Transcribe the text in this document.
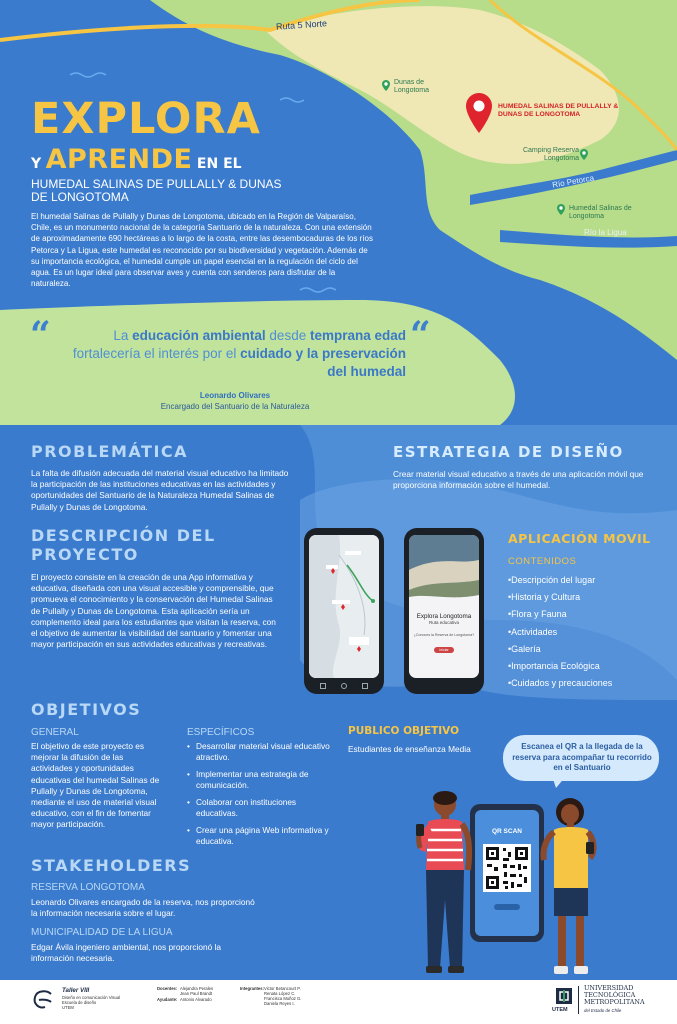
Ruta 5 Norte
Dunas de Longotoma
HUMEDAL SALINAS DE PULLALLY & DUNAS DE LONGOTOMA
Camping Reserva Longotoma
Río Petorca
Humedal Salinas de Longotoma
Río la Ligua
EXPLORA
Y APRENDE EN EL
HUMEDAL SALINAS DE PULLALLY & DUNAS DE LONGOTOMA
El humedal Salinas de Pullally y Dunas de Longotoma, ubicado en la Región de Valparaíso, Chile, es un monumento nacional de la categoría Santuario de la naturaleza. Con una extensión de aproximadamente 690 hectáreas a lo largo de la costa, entre las desembocaduras de los ríos Petorca y La Ligua, este humedal es reconocido por su biodiversidad y vegetación. Además de su importancia ecológica, el humedal cumple un papel esencial en la regulación del ciclo del agua. Es un lugar ideal para observar aves y cuenta con senderos para disfrutar de la naturaleza.
“	“
La educación ambiental desde temprana edad fortalecería el interés por el cuidado y la preservación del humedal
Leonardo Olivares
Encargado del Santuario de la Naturaleza
PROBLEMÁTICA
La falta de difusión adecuada del material visual educativo ha limitado la participación de las instituciones educativas en las actividades y oportunidades del Santuario de la Naturaleza Humedal Salinas de Pullally y Dunas de Longotoma.
ESTRATEGIA DE DISEÑO
Crear material visual educativo a través de una aplicación móvil que proporciona información sobre el humedal.
DESCRIPCIÓN DEL
PROYECTO
El proyecto consiste en la creación de una App informativa y educativa, diseñada con una visual accesible y comprensible, que promueva el conocimiento y la conservación del Humedal Salinas de Pullally y Dunas de Longotoma. Esta aplicación sería un complemento ideal para los estudiantes que visitan la reserva, con el objetivo de aumentar la visibilidad del santuario y fomentar una mayor participación en sus actividades educativas y recreativas.
Explora Longotoma
Ruta educativa
¿Conoces la Reserva de Longotoma?
Iniciar
APLICACIÓN MOVIL
CONTENIDOS
•Descripción del lugar
•Historia y Cultura
•Flora y Fauna
•Actividades
•Galería
•Importancia Ecológica
•Cuidados y precauciones
OBJETIVOS
GENERAL
El objetivo de este proyecto es mejorar la difusión de las actividades y oportunidades educativas del humedal Salinas de Pullally y Dunas de Longotoma, mediante el uso de material visual educativo, con el fin de fomentar mayor participación.
ESPECÍFICOS
• Desarrollar material visual educativo atractivo.
• Implementar una estrategia de comunicación.
• Colaborar con instituciones educativas.
• Crear una página Web informativa y educativa.
PUBLICO OBJETIVO
Estudiantes de enseñanza Media	Escanea el QR a la llegada de la reserva para acompañar tu recorrido en el Santuario
QR SCAN
STAKEHOLDERS
RESERVA LONGOTOMA
Leonardo Olivares encargado de la reserva, nos proporcionó la información necesaria sobre el lugar.
MUNICIPALIDAD DE LA LIGUA
Edgar Ávila ingeniero ambiental, nos proporcionó la información necesaria.
Taller VIII
Diseño en comunicación Visual
Escuela de diseño
UTEM
Docentes: Alejandra Perales
Jean Paul Brandt
Ayudante: Antonio Alvarado
Integrantes: Victor Betancourt P.
Renata López C.
Francisca Muñoz G.
Daniela Reyes I.
UTEM
UNIVERSIDAD
TECNOLÓGICA
METROPOLITANA
del Estado de Chile
